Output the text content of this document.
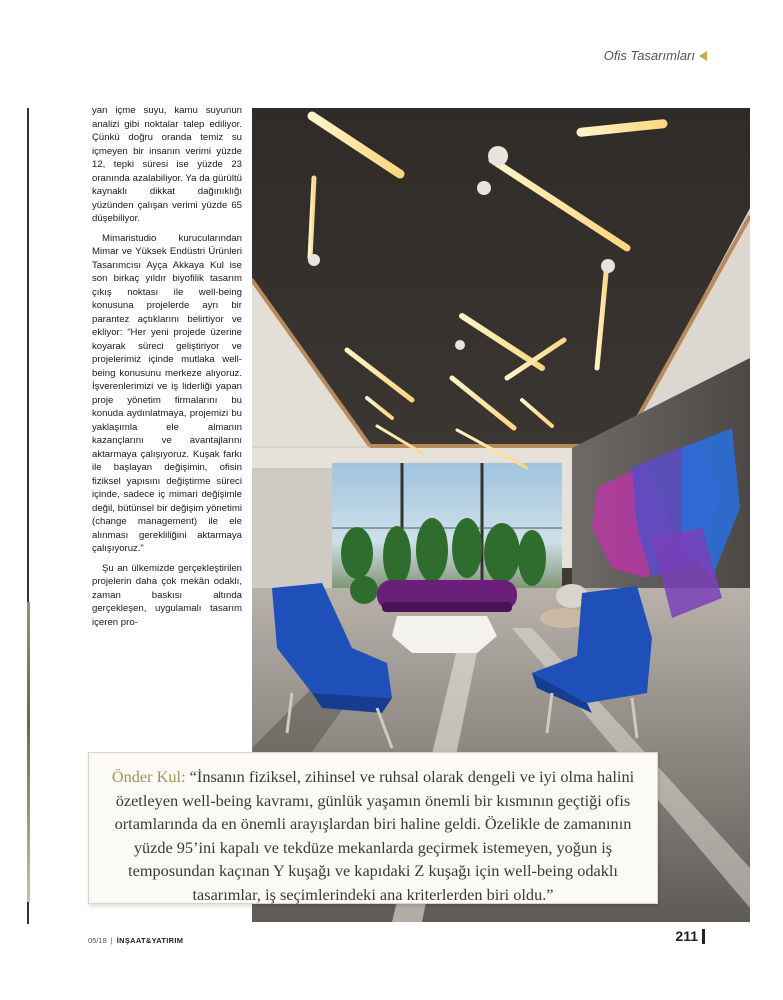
Ofis Tasarımları

yan içme suyu, kamu suyunun analizi gibi noktalar talep ediliyor. Çünkü doğru oranda temiz su içmeyen bir insanın verimi yüzde 12, tepki süresi ise yüzde 23 oranında azalabiliyor. Ya da gürültü kaynaklı dikkat dağınıklığı yüzünden çalışan verimi yüzde 65 düşebiliyor.

Mimaristudio kurucularından Mimar ve Yüksek Endüstri Ürünleri Tasarımcısı Ayça Akkaya Kul ise son birkaç yıldır biyofilik tasarım çıkış noktası ile well-being konusuna projelerde ayrı bir parantez açtıklarını belirtiyor ve ekliyor: “Her yeni projede üzerine koyarak süreci geliştiriyor ve projelerimiz içinde mutlaka well-being konusunu merkeze alıyoruz. İşverenlerimizi ve iş liderliği yapan proje yönetim firmalarını bu konuda aydınlatmaya, projemizi bu yaklaşımla ele almanın kazançlarını ve avantajlarını aktarmaya çalışıyoruz. Kuşak farkı ile başlayan değişimin, ofisin fiziksel yapısını değiştirme süreci içinde, sadece iç mimari değişimle değil, bütünsel bir değişim yönetimi (change management) ile ele alınması gerekliliğini aktarmaya çalışıyoruz.”

Şu an ülkemizde gerçekleştirilen projelerin daha çok mekân odaklı, zaman baskısı altında gerçekleşen, uygulamalı tasarım içeren pro-

Önder Kul: “İnsanın fiziksel, zihinsel ve ruhsal olarak dengeli ve iyi olma halini özetleyen well-being kavramı, günlük yaşamın önemli bir kısmının geçtiği ofis ortamlarında da en önemli arayışlardan biri haline geldi. Özelikle de zamanının yüzde 95’ini kapalı ve tekdüze mekanlarda geçirmek istemeyen, yoğun iş temposundan kaçınan Y kuşağı ve kapıdaki Z kuşağı için well-being odaklı tasarımlar, iş seçimlerindeki ana kriterlerden biri oldu.”

05/18 | İNŞAAT&YATIRIM	211
